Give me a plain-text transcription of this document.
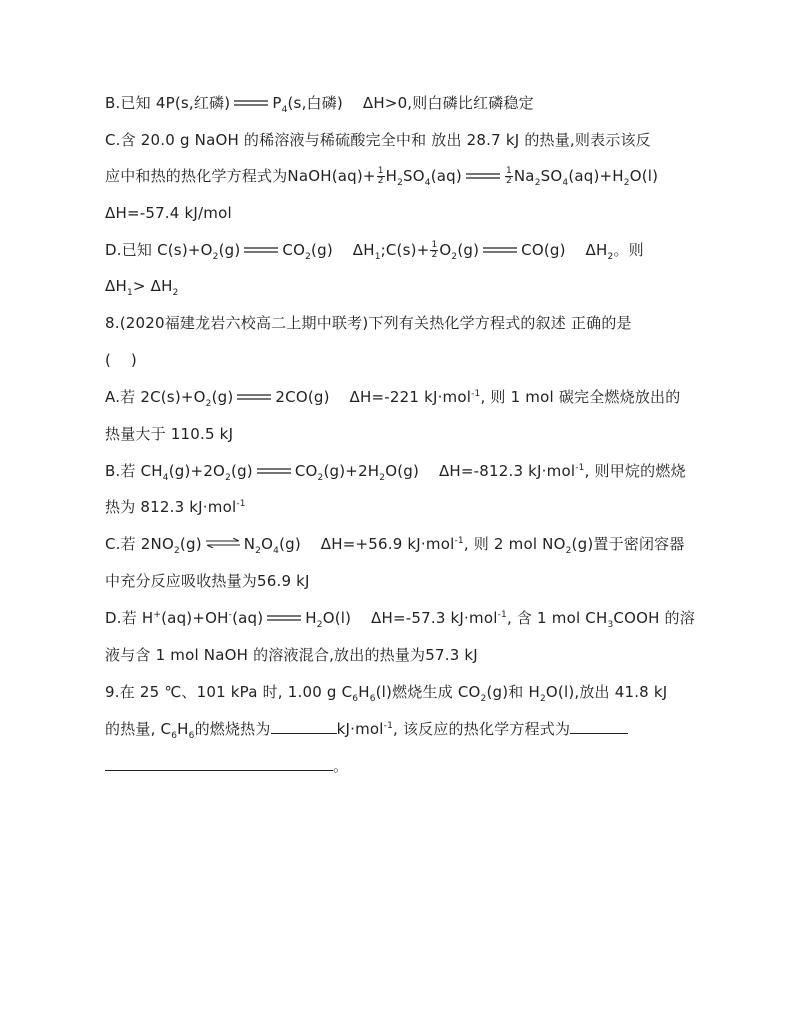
B.已知 4P(s,红磷)	$P_4(s$,白磷)    ΔH>0,则白磷比红磷稳定
C.含 20.0 g NaOH 的稀溶液与稀硫酸完全中和 放出 28.7 kJ 的热量,则表示该反
应中和热的热化学方程式为NaOH(aq)+ $\frac{1}{2} H_2SO_4(aq)$	$\frac{1}{2} Na_2SO_4(aq)+H_2O(l)$
ΔH=-57.4 kJ/mol
D.已知 $C(s)+O_2(g)$	$CO_2(g)$    $\Delta H_1;C(s)+ \frac{1}{2} O_2(g)$	CO(g)    $\Delta H_2$。则
$\Delta H_1> \Delta H_2$
8.(2020福建龙岩六校高二上期中联考)下列有关热化学方程式的叙述 正确的是
(    )
A.若 $2C(s)+O_2(g)$	2CO(g)    ΔH=-221 kJ·mol$^{-1}$, 则 1 mol 碳完全燃烧放出的
热量大于 110.5 kJ
B.若 $CH_4(g)+2O_2(g)$	$CO_2(g)+2H_2O(g)$    ΔH=-812.3 kJ·mol$^{-1}$, 则甲烷的燃烧
热为 812.3 kJ·mol$^{-1}$
C.若 $2NO_2(g)$ ⇌ $N_2O_4(g)$    ΔH=+56.9 kJ·mol$^{-1}$, 则 2 mol $NO_2(g)$置于密闭容器
中充分反应吸收热量为56.9 kJ
D.若 H+(aq)+OH-(aq)	$H_2O(l)$    ΔH=-57.3 kJ·mol$^{-1}$, 含 1 mol $CH_3COOH$ 的溶
液与含 1 mol NaOH 的溶液混合,放出的热量为57.3 kJ
9.在 25 ℃、101 kPa 时, 1.00 g $C_6H_6(l)$燃烧生成 $CO_2(g)$和 $H_2O(l)$,放出 41.8 kJ
的热量, $C_6H_6$的燃烧热为	kJ·mol$^{-1}$, 该反应的热化学方程式为
。
